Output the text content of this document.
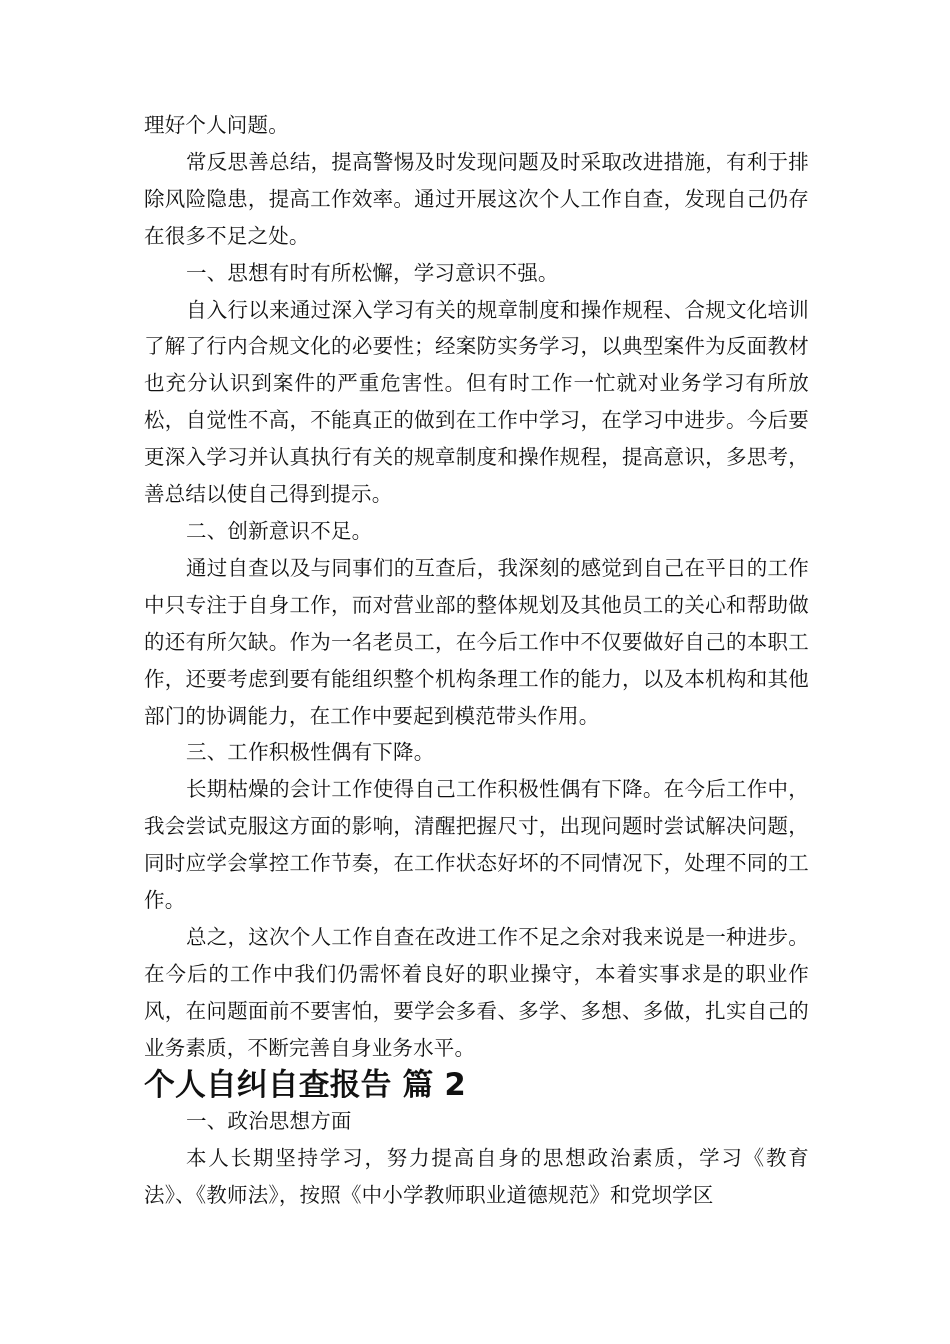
理好个人问题。

常反思善总结，提高警惕及时发现问题及时采取改进措施，有利于排除风险隐患，提高工作效率。通过开展这次个人工作自查，发现自己仍存在很多不足之处。

一、思想有时有所松懈，学习意识不强。

自入行以来通过深入学习有关的规章制度和操作规程、合规文化培训了解了行内合规文化的必要性；经案防实务学习，以典型案件为反面教材也充分认识到案件的严重危害性。但有时工作一忙就对业务学习有所放松，自觉性不高，不能真正的做到在工作中学习，在学习中进步。今后要更深入学习并认真执行有关的规章制度和操作规程，提高意识，多思考，善总结以使自己得到提示。

二、创新意识不足。

通过自查以及与同事们的互查后，我深刻的感觉到自己在平日的工作中只专注于自身工作，而对营业部的整体规划及其他员工的关心和帮助做的还有所欠缺。作为一名老员工，在今后工作中不仅要做好自己的本职工作，还要考虑到要有能组织整个机构条理工作的能力，以及本机构和其他部门的协调能力，在工作中要起到模范带头作用。

三、工作积极性偶有下降。

长期枯燥的会计工作使得自己工作积极性偶有下降。在今后工作中，我会尝试克服这方面的影响，清醒把握尺寸，出现问题时尝试解决问题，同时应学会掌控工作节奏，在工作状态好坏的不同情况下，处理不同的工作。

总之，这次个人工作自查在改进工作不足之余对我来说是一种进步。在今后的工作中我们仍需怀着良好的职业操守，本着实事求是的职业作风，在问题面前不要害怕，要学会多看、多学、多想、多做，扎实自己的业务素质，不断完善自身业务水平。

个人自纠自查报告 篇 2

一、政治思想方面

本人长期坚持学习，努力提高自身的思想政治素质，学习《教育法》、《教师法》，按照《中小学教师职业道德规范》和党坝学区
